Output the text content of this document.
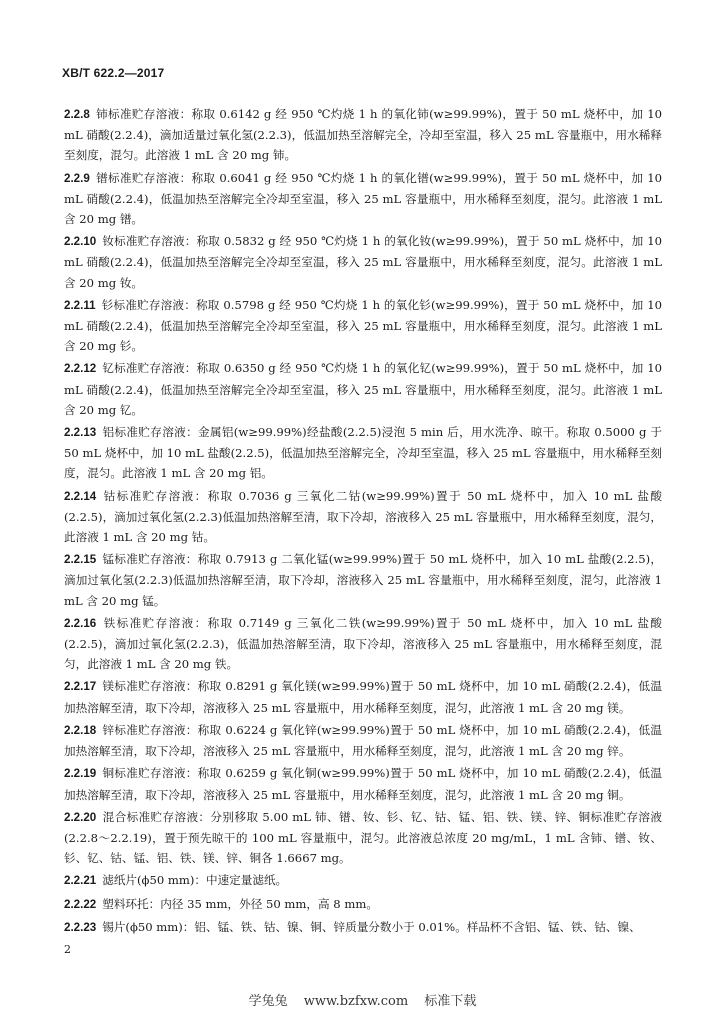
XB/T 622.2—2017

2.2.8 铈标准贮存溶液：称取 0.6142 g 经 950 ℃灼烧 1 h 的氧化铈(w≥99.99%)，置于 50 mL 烧杯中，加 10 mL 硝酸(2.2.4)，滴加适量过氧化氢(2.2.3)，低温加热至溶解完全，冷却至室温，移入 25 mL 容量瓶中，用水稀释至刻度，混匀。此溶液 1 mL 含 20 mg 铈。

2.2.9 镨标准贮存溶液：称取 0.6041 g 经 950 ℃灼烧 1 h 的氧化镨(w≥99.99%)，置于 50 mL 烧杯中，加 10 mL 硝酸(2.2.4)，低温加热至溶解完全冷却至室温，移入 25 mL 容量瓶中，用水稀释至刻度，混匀。此溶液 1 mL 含 20 mg 镨。

2.2.10 钕标准贮存溶液：称取 0.5832 g 经 950 ℃灼烧 1 h 的氧化钕(w≥99.99%)，置于 50 mL 烧杯中，加 10 mL 硝酸(2.2.4)，低温加热至溶解完全冷却至室温，移入 25 mL 容量瓶中，用水稀释至刻度，混匀。此溶液 1 mL 含 20 mg 钕。

2.2.11 钐标准贮存溶液：称取 0.5798 g 经 950 ℃灼烧 1 h 的氧化钐(w≥99.99%)，置于 50 mL 烧杯中，加 10 mL 硝酸(2.2.4)，低温加热至溶解完全冷却至室温，移入 25 mL 容量瓶中，用水稀释至刻度，混匀。此溶液 1 mL 含 20 mg 钐。

2.2.12 钇标准贮存溶液：称取 0.6350 g 经 950 ℃灼烧 1 h 的氧化钇(w≥99.99%)，置于 50 mL 烧杯中，加 10 mL 硝酸(2.2.4)，低温加热至溶解完全冷却至室温，移入 25 mL 容量瓶中，用水稀释至刻度，混匀。此溶液 1 mL 含 20 mg 钇。

2.2.13 铝标准贮存溶液：金属铝(w≥99.99%)经盐酸(2.2.5)浸泡 5 min 后，用水洗净、晾干。称取 0.5000 g 于 50 mL 烧杯中，加 10 mL 盐酸(2.2.5)，低温加热至溶解完全，冷却至室温，移入 25 mL 容量瓶中，用水稀释至刻度，混匀。此溶液 1 mL 含 20 mg 铝。

2.2.14 钴标准贮存溶液：称取 0.7036 g 三氧化二钴(w≥99.99%)置于 50 mL 烧杯中，加入 10 mL 盐酸(2.2.5)，滴加过氧化氢(2.2.3)低温加热溶解至清，取下冷却，溶液移入 25 mL 容量瓶中，用水稀释至刻度，混匀，此溶液 1 mL 含 20 mg 钴。

2.2.15 锰标准贮存溶液：称取 0.7913 g 二氧化锰(w≥99.99%)置于 50 mL 烧杯中，加入 10 mL 盐酸(2.2.5)，滴加过氧化氢(2.2.3)低温加热溶解至清，取下冷却，溶液移入 25 mL 容量瓶中，用水稀释至刻度，混匀，此溶液 1 mL 含 20 mg 锰。

2.2.16 铁标准贮存溶液：称取 0.7149 g 三氧化二铁(w≥99.99%)置于 50 mL 烧杯中，加入 10 mL 盐酸(2.2.5)，滴加过氧化氢(2.2.3)，低温加热溶解至清，取下冷却，溶液移入 25 mL 容量瓶中，用水稀释至刻度，混匀，此溶液 1 mL 含 20 mg 铁。

2.2.17 镁标准贮存溶液：称取 0.8291 g 氧化镁(w≥99.99%)置于 50 mL 烧杯中，加 10 mL 硝酸(2.2.4)，低温加热溶解至清，取下冷却，溶液移入 25 mL 容量瓶中，用水稀释至刻度，混匀，此溶液 1 mL 含 20 mg 镁。

2.2.18 锌标准贮存溶液：称取 0.6224 g 氧化锌(w≥99.99%)置于 50 mL 烧杯中，加 10 mL 硝酸(2.2.4)，低温加热溶解至清，取下冷却，溶液移入 25 mL 容量瓶中，用水稀释至刻度，混匀，此溶液 1 mL 含 20 mg 锌。

2.2.19 铜标准贮存溶液：称取 0.6259 g 氧化铜(w≥99.99%)置于 50 mL 烧杯中，加 10 mL 硝酸(2.2.4)，低温加热溶解至清，取下冷却，溶液移入 25 mL 容量瓶中，用水稀释至刻度，混匀，此溶液 1 mL 含 20 mg 铜。

2.2.20 混合标准贮存溶液：分别移取 5.00 mL 铈、镨、钕、钐、钇、钴、锰、铝、铁、镁、锌、铜标准贮存溶液(2.2.8～2.2.19)，置于预先晾干的 100 mL 容量瓶中，混匀。此溶液总浓度 20 mg/mL，1 mL 含铈、镨、钕、钐、钇、钴、锰、铝、铁、镁、锌、铜各 1.6667 mg。

2.2.21 滤纸片(ϕ50 mm)：中速定量滤纸。

2.2.22 塑料环托：内径 35 mm，外径 50 mm，高 8 mm。

2.2.23 锡片(ϕ50 mm)：铝、锰、铁、钴、镍、铜、锌质量分数小于 0.01%。样品杯不含铝、锰、铁、钴、镍、

2
学兔兔 www.bzfxw.com 标准下载
